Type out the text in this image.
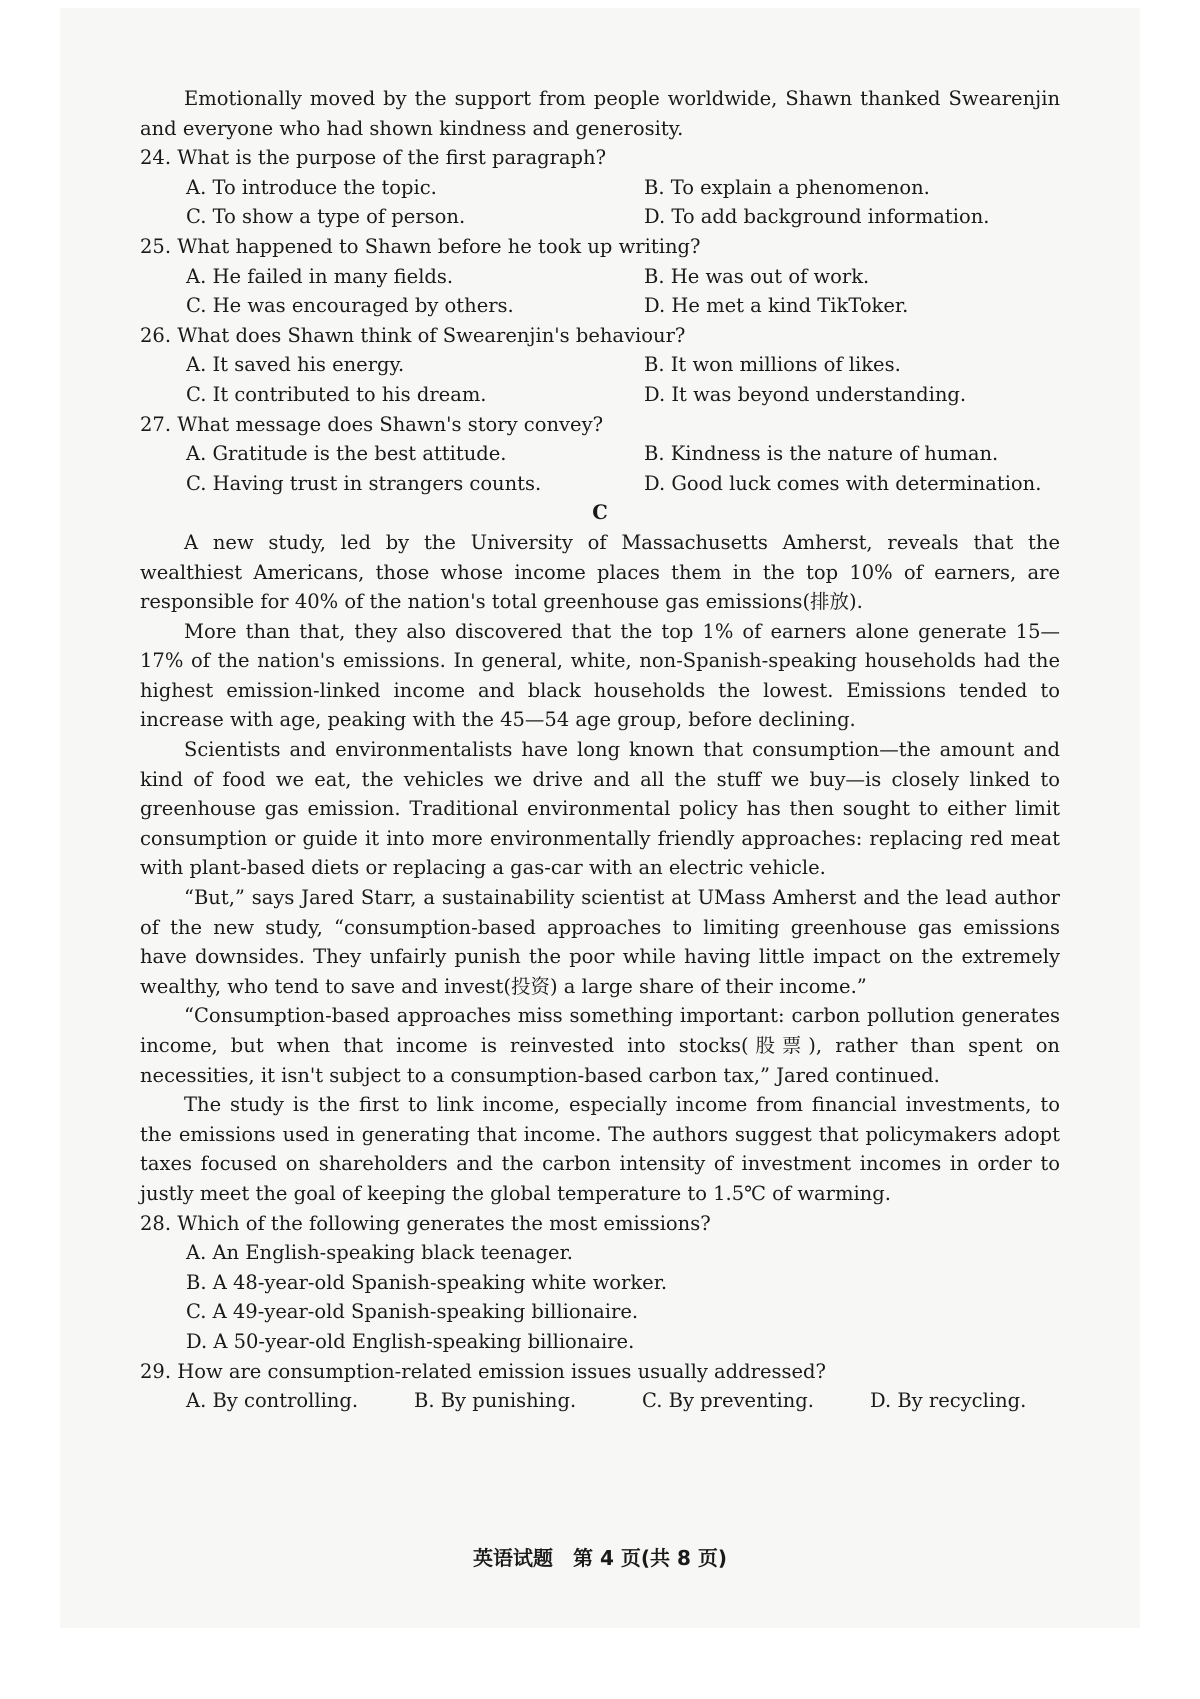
Emotionally moved by the support from people worldwide, Shawn thanked Swearenjin and everyone who had shown kindness and generosity.

24. What is the purpose of the first paragraph?
A. To introduce the topic.	B. To explain a phenomenon.
C. To show a type of person.	D. To add background information.
25. What happened to Shawn before he took up writing?
A. He failed in many fields.	B. He was out of work.
C. He was encouraged by others.	D. He met a kind TikToker.
26. What does Shawn think of Swearenjin's behaviour?
A. It saved his energy.	B. It won millions of likes.
C. It contributed to his dream.	D. It was beyond understanding.
27. What message does Shawn's story convey?
A. Gratitude is the best attitude.	B. Kindness is the nature of human.
C. Having trust in strangers counts.	D. Good luck comes with determination.
C

A new study, led by the University of Massachusetts Amherst, reveals that the wealthiest Americans, those whose income places them in the top 10% of earners, are responsible for 40% of the nation's total greenhouse gas emissions(排放).

More than that, they also discovered that the top 1% of earners alone generate 15—17% of the nation's emissions. In general, white, non-Spanish-speaking households had the highest emission-linked income and black households the lowest. Emissions tended to increase with age, peaking with the 45—54 age group, before declining.

Scientists and environmentalists have long known that consumption—the amount and kind of food we eat, the vehicles we drive and all the stuff we buy—is closely linked to greenhouse gas emission. Traditional environmental policy has then sought to either limit consumption or guide it into more environmentally friendly approaches: replacing red meat with plant-based diets or replacing a gas-car with an electric vehicle.

“But,” says Jared Starr, a sustainability scientist at UMass Amherst and the lead author of the new study, “consumption-based approaches to limiting greenhouse gas emissions have downsides. They unfairly punish the poor while having little impact on the extremely wealthy, who tend to save and invest(投资) a large share of their income.”

“Consumption-based approaches miss something important: carbon pollution generates income, but when that income is reinvested into stocks(股票), rather than spent on necessities, it isn't subject to a consumption-based carbon tax,” Jared continued.

The study is the first to link income, especially income from financial investments, to the emissions used in generating that income. The authors suggest that policymakers adopt taxes focused on shareholders and the carbon intensity of investment incomes in order to justly meet the goal of keeping the global temperature to 1.5℃ of warming.

28. Which of the following generates the most emissions?
A. An English-speaking black teenager.
B. A 48-year-old Spanish-speaking white worker.
C. A 49-year-old Spanish-speaking billionaire.
D. A 50-year-old English-speaking billionaire.
29. How are consumption-related emission issues usually addressed?
A. By controlling.	B. By punishing.	C. By preventing.	D. By recycling.
英语试题　第 4 页(共 8 页)
